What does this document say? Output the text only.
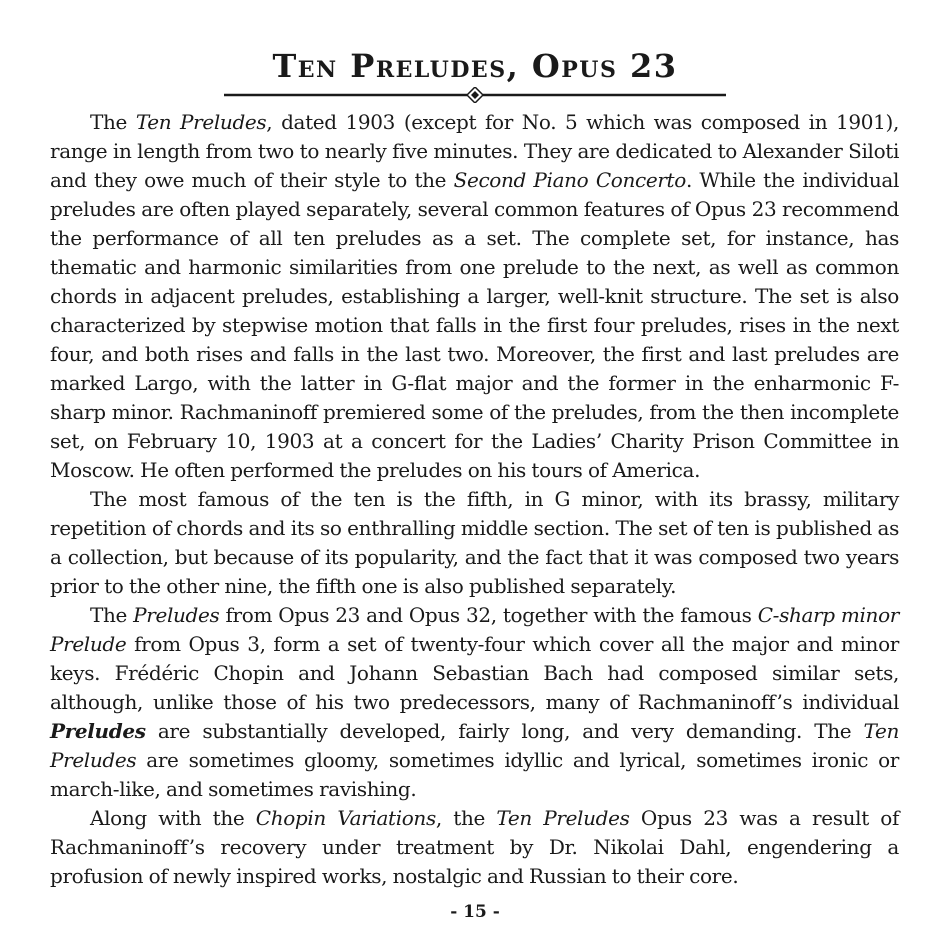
Ten Preludes, Opus 23

The Ten Preludes, dated 1903 (except for No. 5 which was composed in 1901), range in length from two to nearly five minutes. They are dedicated to Alexander Siloti and they owe much of their style to the Second Piano Concerto. While the individual preludes are often played separately, several common features of Opus 23 recommend the performance of all ten preludes as a set. The complete set, for instance, has thematic and harmonic similarities from one prelude to the next, as well as common chords in adjacent preludes, establishing a larger, well-knit structure. The set is also characterized by stepwise motion that falls in the first four preludes, rises in the next four, and both rises and falls in the last two. Moreover, the first and last preludes are marked Largo, with the latter in G-flat major and the former in the enharmonic F-sharp minor. Rachmaninoff premiered some of the preludes, from the then incomplete set, on February 10, 1903 at a concert for the Ladies’ Charity Prison Committee in Moscow. He often performed the preludes on his tours of America.

The most famous of the ten is the fifth, in G minor, with its brassy, military repetition of chords and its so enthralling middle section. The set of ten is published as a collection, but because of its popularity, and the fact that it was composed two years prior to the other nine, the fifth one is also published separately.

The Preludes from Opus 23 and Opus 32, together with the famous C-sharp minor Prelude from Opus 3, form a set of twenty-four which cover all the major and minor keys. Frédéric Chopin and Johann Sebastian Bach had composed similar sets, although, unlike those of his two predecessors, many of Rachmaninoff’s individual Preludes are substantially developed, fairly long, and very demanding. The Ten Preludes are sometimes gloomy, sometimes idyllic and lyrical, sometimes ironic or march-like, and sometimes ravishing.

Along with the Chopin Variations, the Ten Preludes Opus 23 was a result of Rachmaninoff’s recovery under treatment by Dr. Nikolai Dahl, engendering a profusion of newly inspired works, nostalgic and Russian to their core.

- 15 -
